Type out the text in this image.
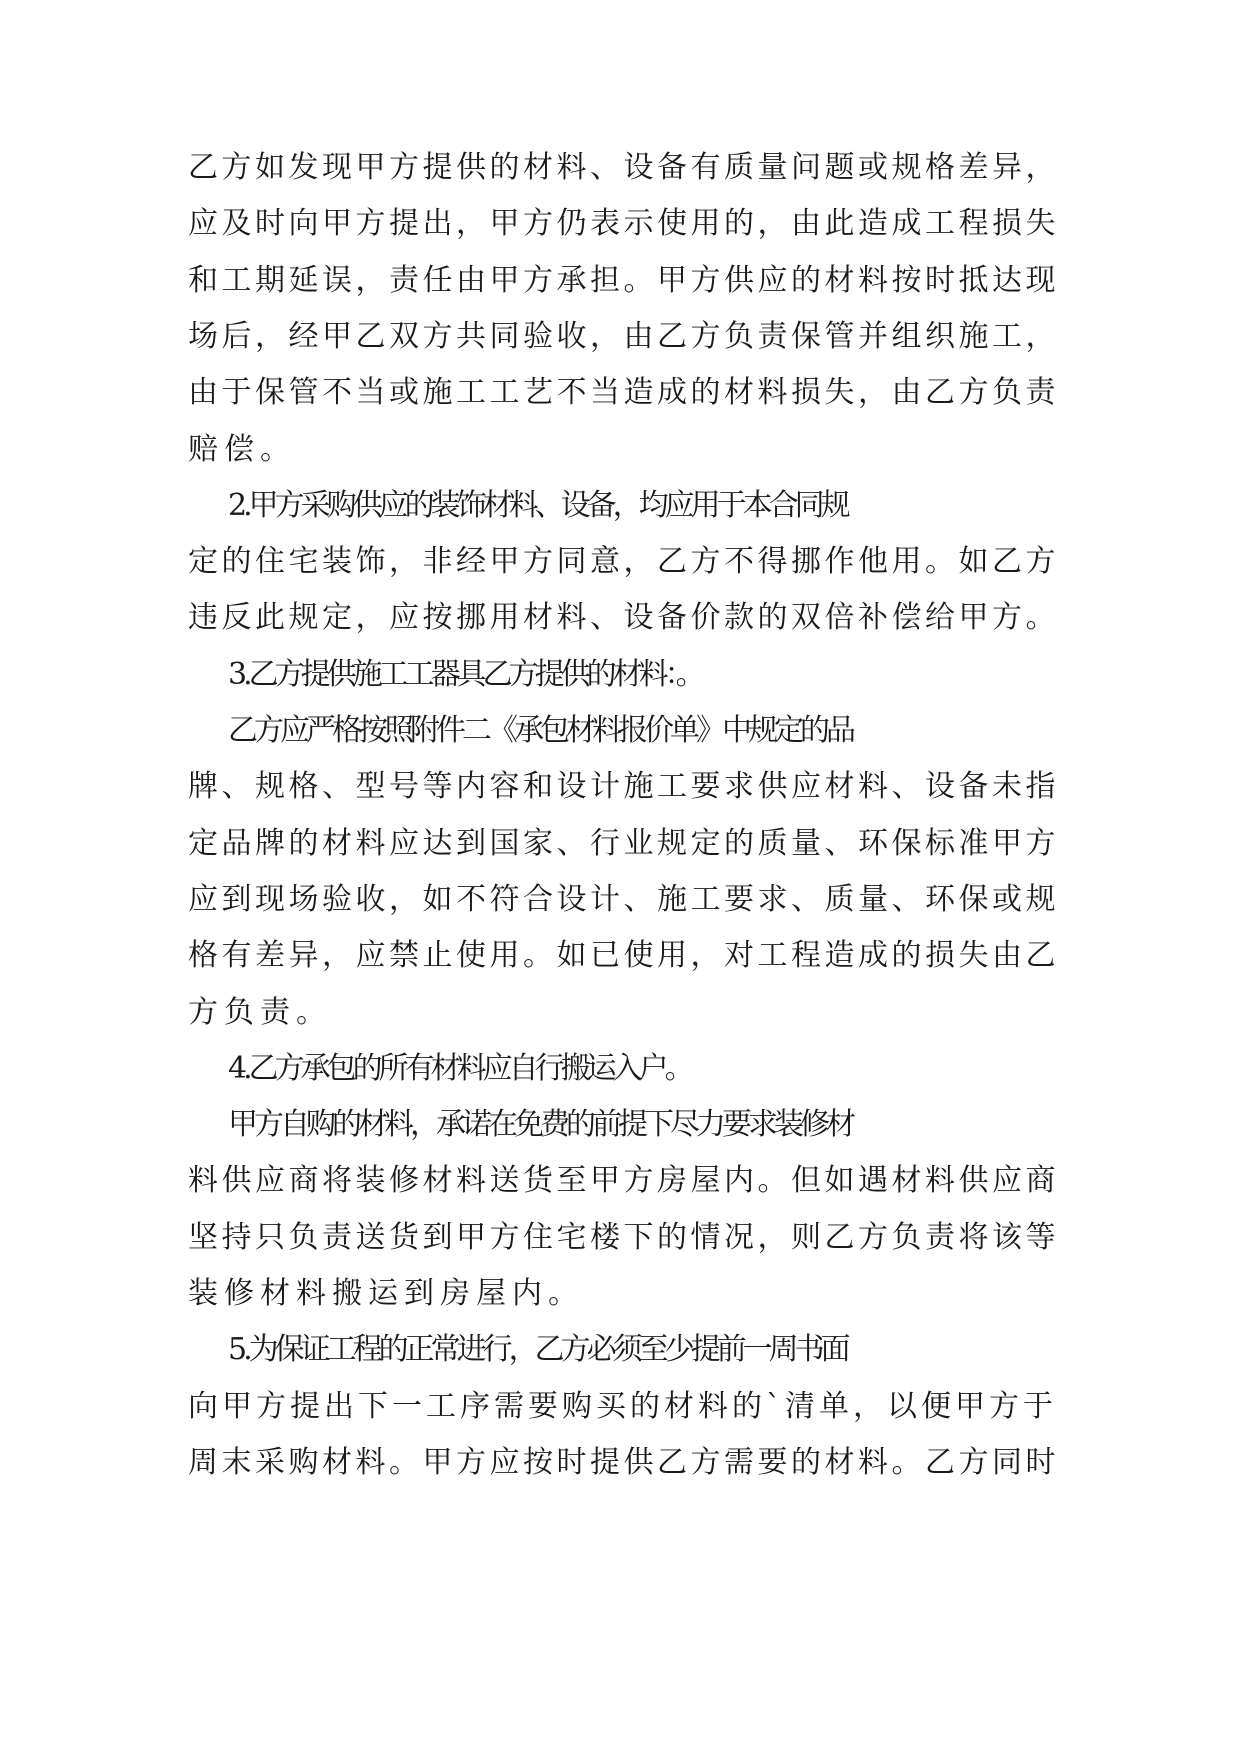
乙方如发现甲方提供的材料、设备有质量问题或规格差异，
应及时向甲方提出，甲方仍表示使用的，由此造成工程损失
和工期延误，责任由甲方承担。甲方供应的材料按时抵达现
场后，经甲乙双方共同验收，由乙方负责保管并组织施工，
由于保管不当或施工工艺不当造成的材料损失，由乙方负责
赔偿。
2.甲方采购供应的装饰材料、设备，均应用于本合同规
定的住宅装饰，非经甲方同意，乙方不得挪作他用。如乙方
违反此规定，应按挪用材料、设备价款的双倍补偿给甲方。
3.乙方提供施工工器具乙方提供的材料：。
乙方应严格按照附件二《承包材料报价单》中规定的品
牌、规格、型号等内容和设计施工要求供应材料、设备未指
定品牌的材料应达到国家、行业规定的质量、环保标准甲方
应到现场验收，如不符合设计、施工要求、质量、环保或规
格有差异，应禁止使用。如已使用，对工程造成的损失由乙
方负责。
4.乙方承包的所有材料应自行搬运入户。
甲方自购的材料，承诺在免费的前提下尽力要求装修材
料供应商将装修材料送货至甲方房屋内。但如遇材料供应商
坚持只负责送货到甲方住宅楼下的情况，则乙方负责将该等
装修材料搬运到房屋内。
5.为保证工程的正常进行，乙方必须至少提前一周书面
向甲方提出下一工序需要购买的材料的`清单，以便甲方于
周末采购材料。甲方应按时提供乙方需要的材料。乙方同时
